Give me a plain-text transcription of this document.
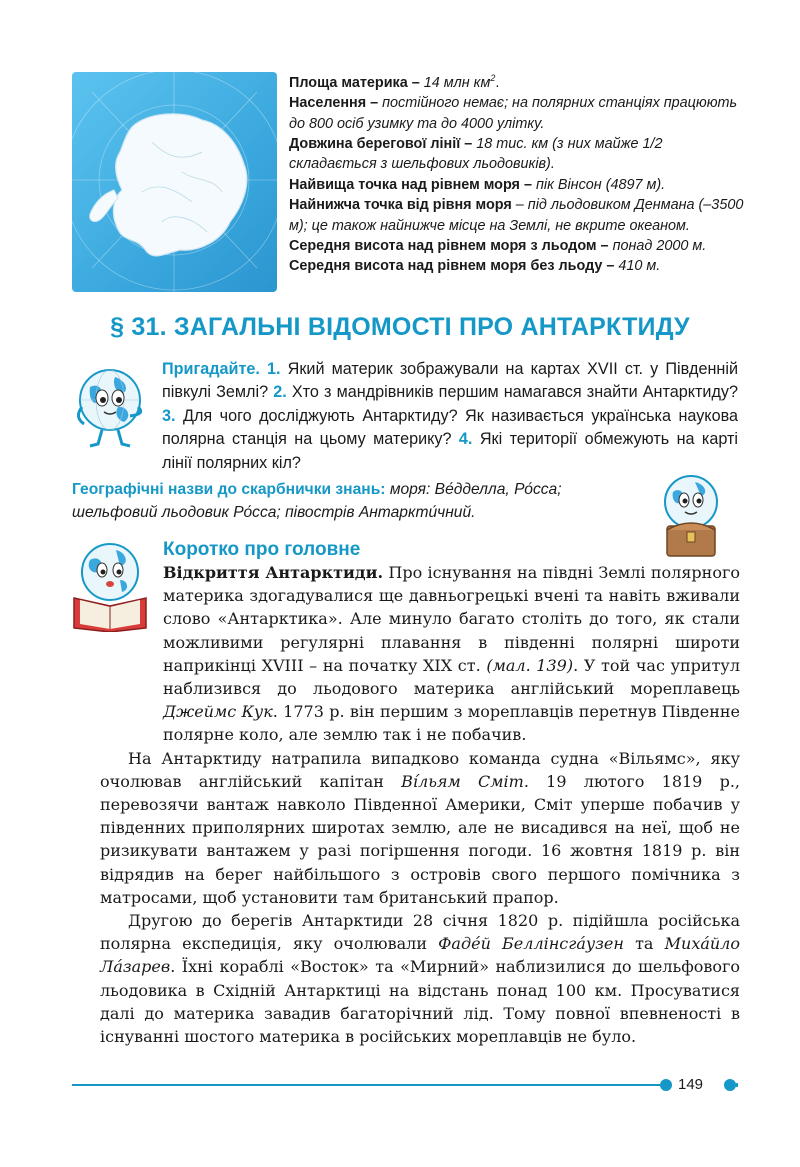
Площа материка – 14 млн $км^2$.
Населення – постійного немає; на полярних станціях працюють до 800 осіб узимку та до 4000 улітку.
Довжина берегової лінії – 18 тис. км (з них майже 1/2 складається з шельфових льодовиків).
Найвища точка над рівнем моря – пік Вінсон (4897 м).
Найнижча точка від рівня моря – під льодовиком Денмана (–3500 м); це також найнижче місце на Землі, не вкрите океаном.
Середня висота над рівнем моря з льодом – понад 2000 м.
Середня висота над рівнем моря без льоду – 410 м.
§ 31. ЗАГАЛЬНІ ВІДОМОСТІ ПРО АНТАРКТИДУ
Пригадайте. 1. Який материк зображували на картах XVII ст. у Південній півкулі Землі? 2. Хто з мандрівників першим намагався знайти Антарктиду? 3. Для чого досліджують Антарктиду? Як називається українська наукова полярна станція на цьому материку? 4. Які території обмежують на карті лінії полярних кіл?
Географічні назви до скарбнички знань: моря: Ве́дделла, Ро́сса; шельфовий льодовик Ро́сса; півострів Антаркти́чний.
Коротко про головне

Відкриття Антарктиди. Про існування на півдні Землі полярного материка здогадувалися ще давньогрецькі вчені та навіть вживали слово «Антарктика». Але минуло багато століть до того, як стали можливими регулярні плавання в південні полярні широти наприкінці XVIII – на початку XIX ст. (мал. 139). У той час упритул наблизився до льодового материка англійський мореплавець Джеймс Кук. 1773 р. він першим з мореплавців перетнув Південне полярне коло, але землю так і не побачив.

На Антарктиду натрапила випадково команда судна «Вільямс», яку очолював англійський капітан Ві́льям Сміт. 19 лютого 1819 р., перевозячи вантаж навколо Південної Америки, Сміт уперше побачив у південних приполярних широтах землю, але не висадився на неї, щоб не ризикувати вантажем у разі погіршення погоди. 16 жовтня 1819 р. він відрядив на берег найбільшого з островів свого першого помічника з матросами, щоб установити там британський прапор.

Другою до берегів Антарктиди 28 січня 1820 р. підійшла російська полярна експедиція, яку очолювали Фаде́й Беллінсга́узен та Миха́йло Ла́зарев. Їхні кораблі «Восток» та «Мирний» наблизилися до шельфового льодовика в Східній Антарктиці на відстань понад 100 км. Просуватися далі до материка завадив багаторічний лід. Тому повної впевненості в існуванні шостого материка в російських мореплавців не було.

149
